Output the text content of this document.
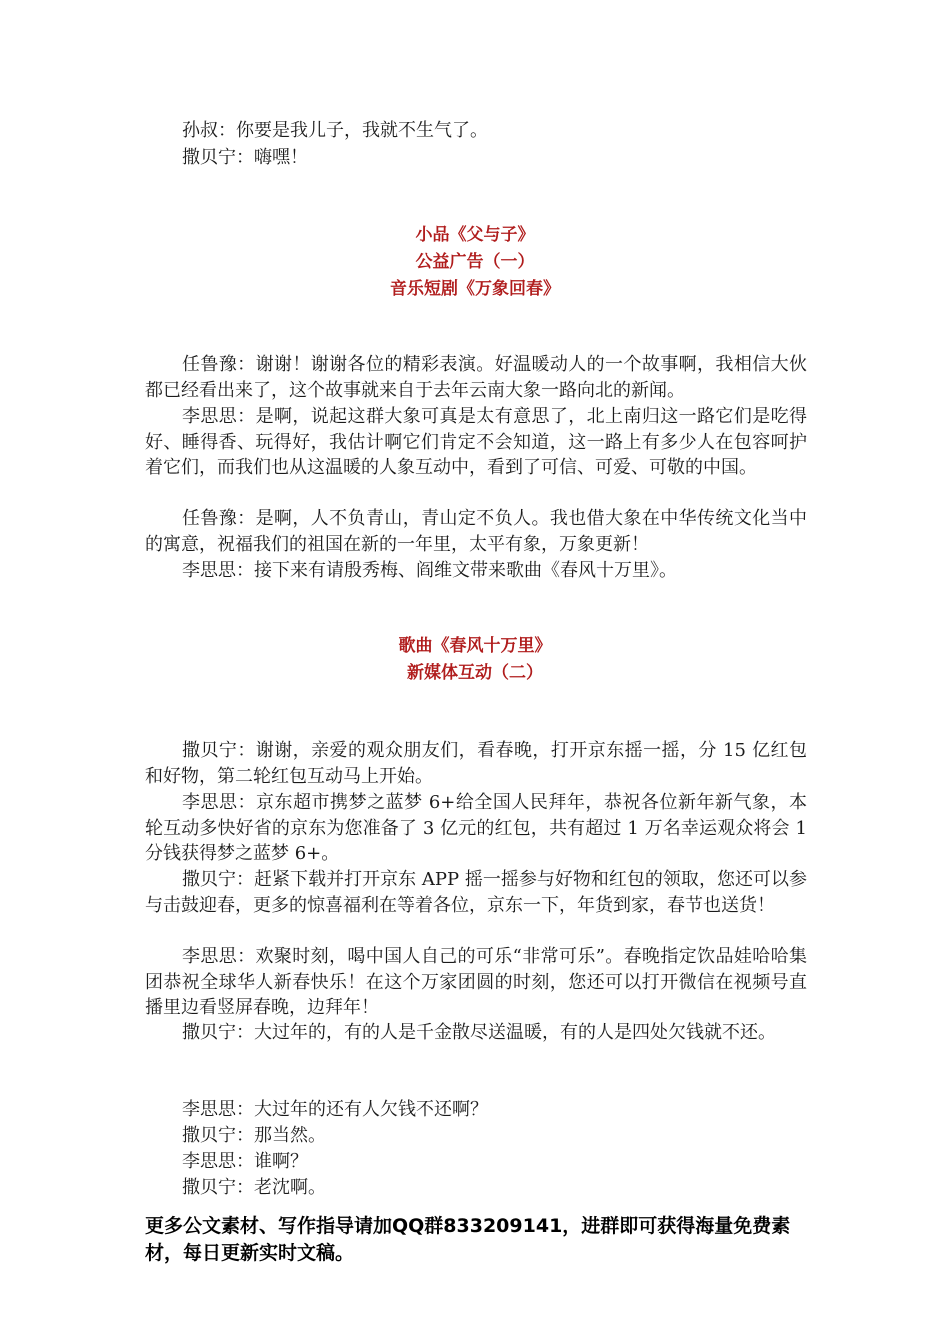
孙叔：你要是我儿子，我就不生气了。

撒贝宁：嗨嘿！

小品《父与子》
公益广告（一）
音乐短剧《万象回春》

任鲁豫：谢谢！谢谢各位的精彩表演。好温暖动人的一个故事啊，我相信大伙都已经看出来了，这个故事就来自于去年云南大象一路向北的新闻。

李思思：是啊，说起这群大象可真是太有意思了，北上南归这一路它们是吃得好、睡得香、玩得好，我估计啊它们肯定不会知道，这一路上有多少人在包容呵护着它们，而我们也从这温暖的人象互动中，看到了可信、可爱、可敬的中国。

任鲁豫：是啊，人不负青山，青山定不负人。我也借大象在中华传统文化当中的寓意，祝福我们的祖国在新的一年里，太平有象，万象更新！

李思思：接下来有请殷秀梅、阎维文带来歌曲《春风十万里》。

歌曲《春风十万里》
新媒体互动（二）

撒贝宁：谢谢，亲爱的观众朋友们，看春晚，打开京东摇一摇，分 15 亿红包和好物，第二轮红包互动马上开始。

李思思：京东超市携梦之蓝梦 6+给全国人民拜年，恭祝各位新年新气象，本轮互动多快好省的京东为您准备了 3 亿元的红包，共有超过 1 万名幸运观众将会 1 分钱获得梦之蓝梦 6+。

撒贝宁：赶紧下载并打开京东 APP 摇一摇参与好物和红包的领取，您还可以参与击鼓迎春，更多的惊喜福利在等着各位，京东一下，年货到家，春节也送货！

李思思：欢聚时刻，喝中国人自己的可乐“非常可乐”。春晚指定饮品娃哈哈集团恭祝全球华人新春快乐！在这个万家团圆的时刻，您还可以打开微信在视频号直播里边看竖屏春晚，边拜年！

撒贝宁：大过年的，有的人是千金散尽送温暖，有的人是四处欠钱就不还。

李思思：大过年的还有人欠钱不还啊？

撒贝宁：那当然。

李思思：谁啊？

撒贝宁：老沈啊。

更多公文素材、写作指导请加QQ群833209141，进群即可获得海量免费素材，每日更新实时文稿。
